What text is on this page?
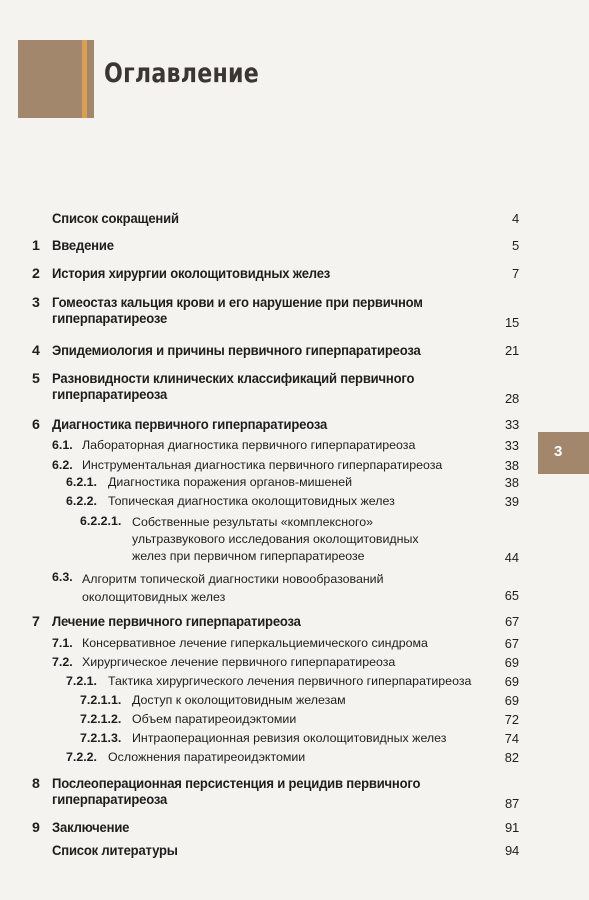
Оглавление
3
Список сокращений	4
1 Введение	5
2 История хирургии околощитовидных желез	7
3 Гомеостаз кальция крови и его нарушение при первичном
гиперпаратиреозе	15
4 Эпидемиология и причины первичного гиперпаратиреоза	21
5 Разновидности клинических классификаций первичного
гиперпаратиреоза	28
6 Диагностика первичного гиперпаратиреоза	33
6.1. Лабораторная диагностика первичного гиперпаратиреоза	33
6.2. Инструментальная диагностика первичного гиперпаратиреоза	38
6.2.1. Диагностика поражения органов-мишеней	38
6.2.2. Топическая диагностика околощитовидных желез	39
6.2.2.1. Собственные результаты «комплексного»
ультразвукового исследования околощитовидных
желез при первичном гиперпаратиреозе	44
6.3. Алгоритм топической диагностики новообразований
околощитовидных желез	65
7 Лечение первичного гиперпаратиреоза	67
7.1. Консервативное лечение гиперкальциемического синдрома	67
7.2. Хирургическое лечение первичного гиперпаратиреоза	69
7.2.1. Тактика хирургического лечения первичного гиперпаратиреоза	69
7.2.1.1. Доступ к околощитовидным железам	69
7.2.1.2. Объем паратиреоидэктомии	72
7.2.1.3. Интраоперационная ревизия околощитовидных желез	74
7.2.2. Осложнения паратиреоидэктомии	82
8 Послеоперационная персистенция и рецидив первичного
гиперпаратиреоза	87
9 Заключение	91
Список литературы	94
